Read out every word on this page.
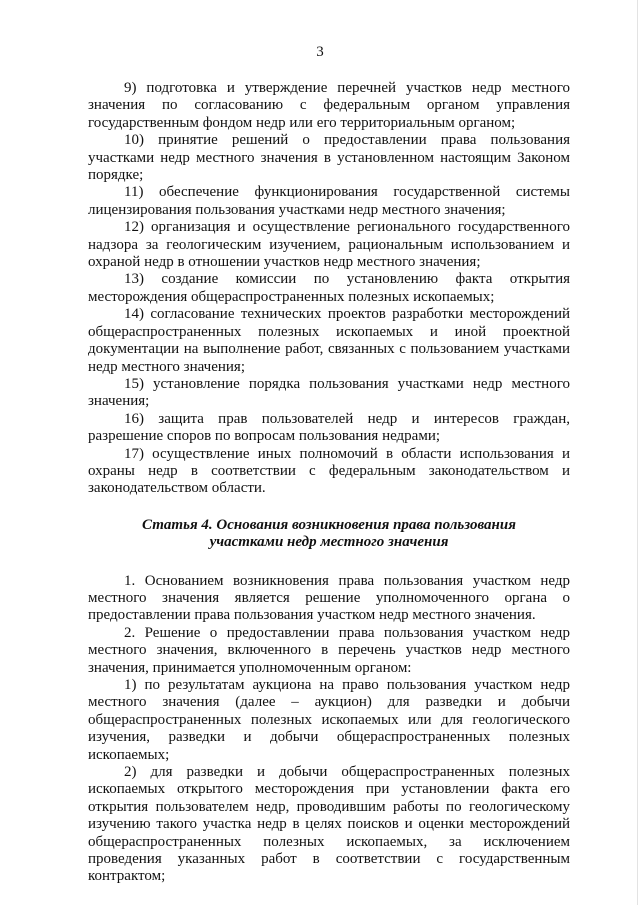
3

9) подготовка и утверждение перечней участков недр местного значения по согласованию с федеральным органом управления государственным фондом недр или его территориальным органом;

10) принятие решений о предоставлении права пользования участками недр местного значения в установленном настоящим Законом порядке;

11) обеспечение функционирования государственной системы лицензирования пользования участками недр местного значения;

12) организация и осуществление регионального государственного надзора за геологическим изучением, рациональным использованием и охраной недр в отношении участков недр местного значения;

13) создание комиссии по установлению факта открытия месторождения общераспространенных полезных ископаемых;

14) согласование технических проектов разработки месторождений общераспространенных полезных ископаемых и иной проектной документации на выполнение работ, связанных с пользованием участками недр местного значения;

15) установление порядка пользования участками недр местного значения;

16) защита прав пользователей недр и интересов граждан, разрешение споров по вопросам пользования недрами;

17) осуществление иных полномочий в области использования и охраны недр в соответствии с федеральным законодательством и законодательством области.

Статья 4. Основания возникновения права пользования
участками недр местного значения

1. Основанием возникновения права пользования участком недр местного значения является решение уполномоченного органа о предоставлении права пользования участком недр местного значения.

2. Решение о предоставлении права пользования участком недр местного значения, включенного в перечень участков недр местного значения, принимается уполномоченным органом:

1) по результатам аукциона на право пользования участком недр местного значения (далее – аукцион) для разведки и добычи общераспространенных полезных ископаемых или для геологического изучения, разведки и добычи общераспространенных полезных ископаемых;

2) для разведки и добычи общераспространенных полезных ископаемых открытого месторождения при установлении факта его открытия пользователем недр, проводившим работы по геологическому изучению такого участка недр в целях поисков и оценки месторождений общераспространенных полезных ископаемых, за исключением проведения указанных работ в соответствии с государственным контрактом;
